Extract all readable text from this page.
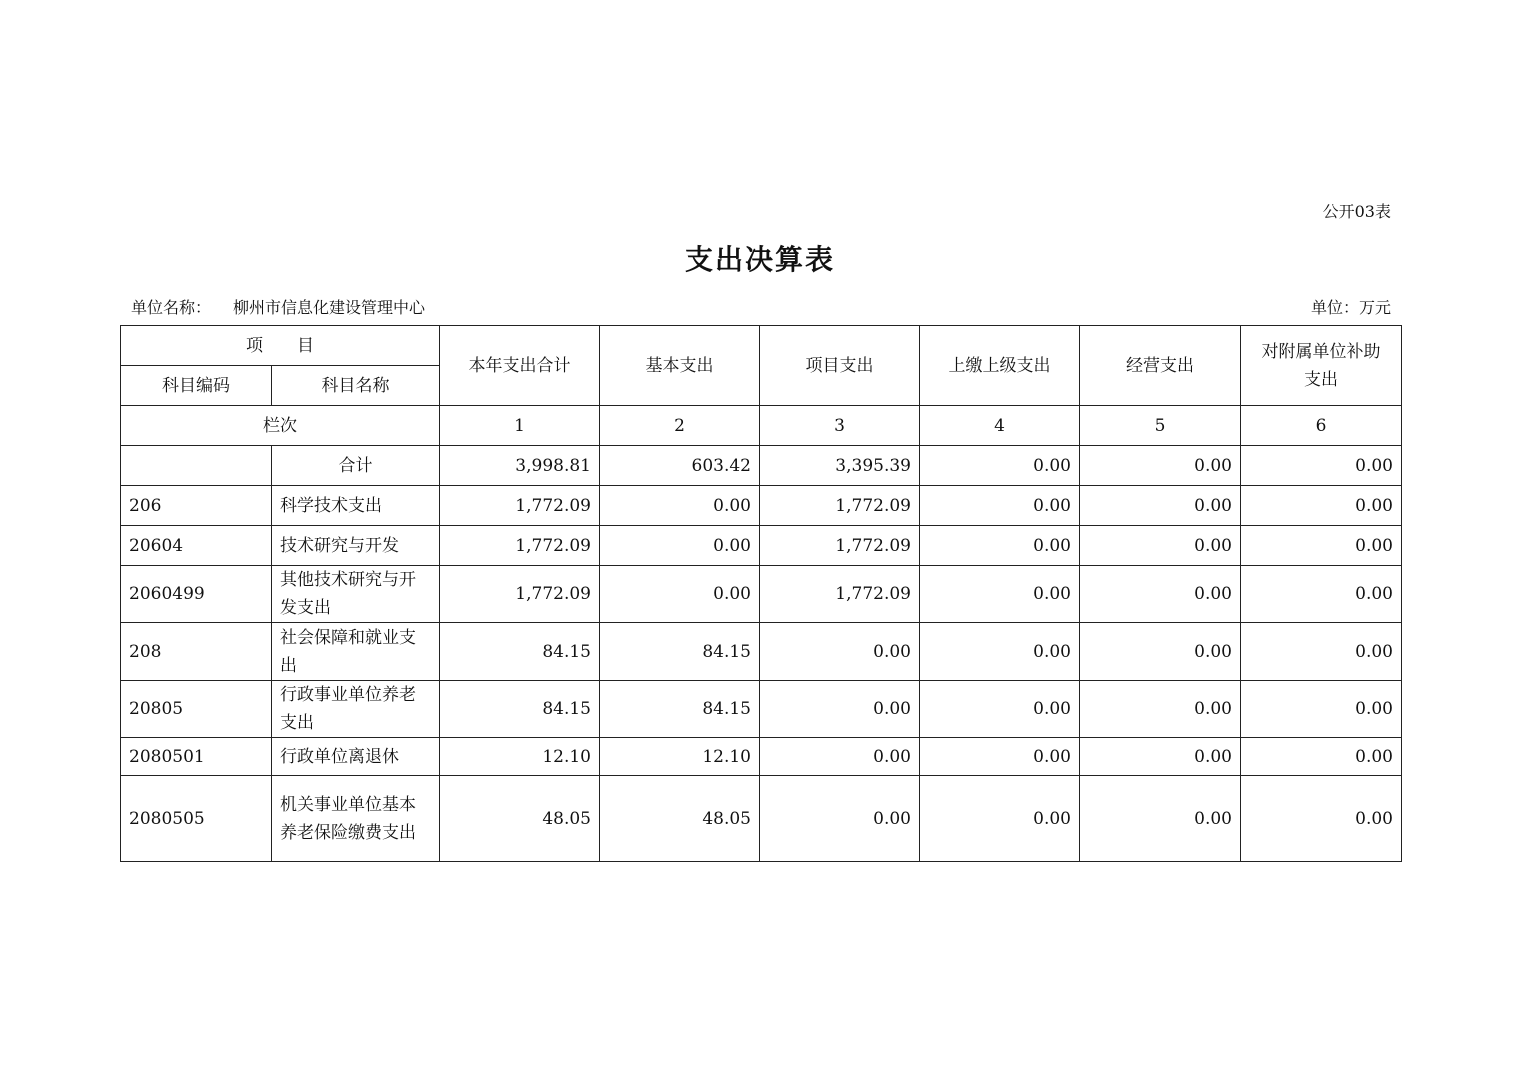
公开03表
支出决算表
单位名称： 柳州市信息化建设管理中心	单位：万元
项　　目		本年支出合计	基本支出	项目支出	上缴上级支出	经营支出	对附属单位补助支出
科目编码	科目名称						
栏次		1	2	3	4	5	6
	合计	3,998.81	603.42	3,395.39	0.00	0.00	0.00
206	科学技术支出	1,772.09	0.00	1,772.09	0.00	0.00	0.00
20604	技术研究与开发	1,772.09	0.00	1,772.09	0.00	0.00	0.00
2060499	其他技术研究与开发支出	1,772.09	0.00	1,772.09	0.00	0.00	0.00
208	社会保障和就业支出	84.15	84.15	0.00	0.00	0.00	0.00
20805	行政事业单位养老支出	84.15	84.15	0.00	0.00	0.00	0.00
2080501	行政单位离退休	12.10	12.10	0.00	0.00	0.00	0.00
2080505	机关事业单位基本养老保险缴费支出	48.05	48.05	0.00	0.00	0.00	0.00
